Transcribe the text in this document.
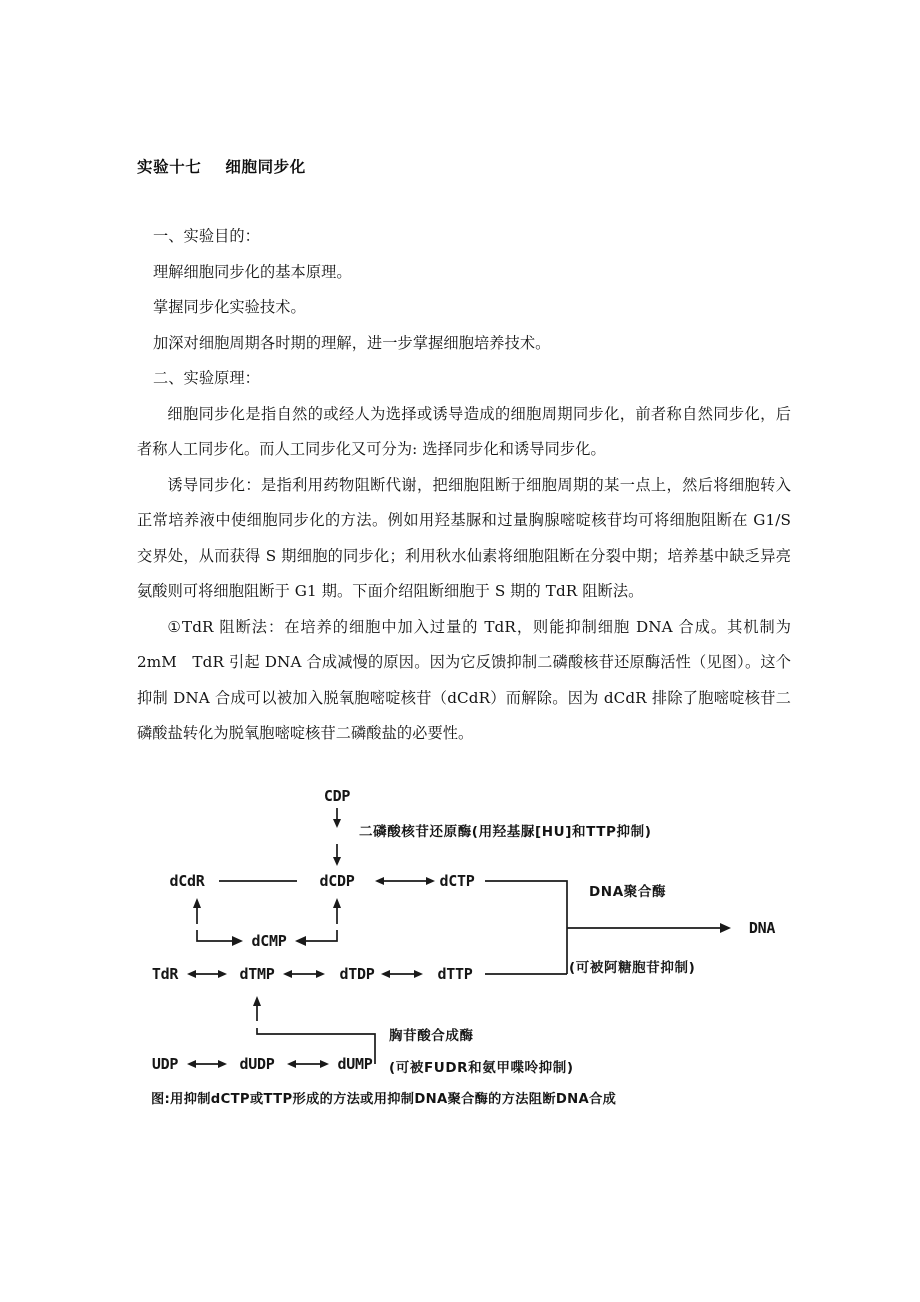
实验十七    细胞同步化

一、实验目的：

理解细胞同步化的基本原理。

掌握同步化实验技术。

加深对细胞周期各时期的理解，进一步掌握细胞培养技术。

二、实验原理：

细胞同步化是指自然的或经人为选择或诱导造成的细胞周期同步化，前者称自然同步化，后者称人工同步化。而人工同步化又可分为: 选择同步化和诱导同步化。

诱导同步化：是指利用药物阻断代谢，把细胞阻断于细胞周期的某一点上，然后将细胞转入正常培养液中使细胞同步化的方法。例如用羟基脲和过量胸腺嘧啶核苷均可将细胞阻断在 G1/S 交界处，从而获得 S 期细胞的同步化；利用秋水仙素将细胞阻断在分裂中期；培养基中缺乏异亮氨酸则可将细胞阻断于 G1 期。下面介绍阻断细胞于 S 期的 TdR 阻断法。

①TdR 阻断法：在培养的细胞中加入过量的 TdR，则能抑制细胞 DNA 合成。其机制为 2mM　TdR 引起 DNA 合成减慢的原因。因为它反馈抑制二磷酸核苷还原酶活性（见图）。这个抑制 DNA 合成可以被加入脱氧胞嘧啶核苷（dCdR）而解除。因为 dCdR 排除了胞嘧啶核苷二磷酸盐转化为脱氧胞嘧啶核苷二磷酸盐的必要性。

CDP
二磷酸核苷还原酶(用羟基脲[HU]和TTP抑制)
dCdR	dCDP	dCTP
dCMP
DNA聚合酶
DNA
(可被阿糖胞苷抑制)
TdR	dTMP	dTDP	dTTP
胸苷酸合成酶
(可被FUDR和氨甲喋呤抑制)
UDP	dUDP	dUMP
图:用抑制dCTP或TTP形成的方法或用抑制DNA聚合酶的方法阻断DNA合成
